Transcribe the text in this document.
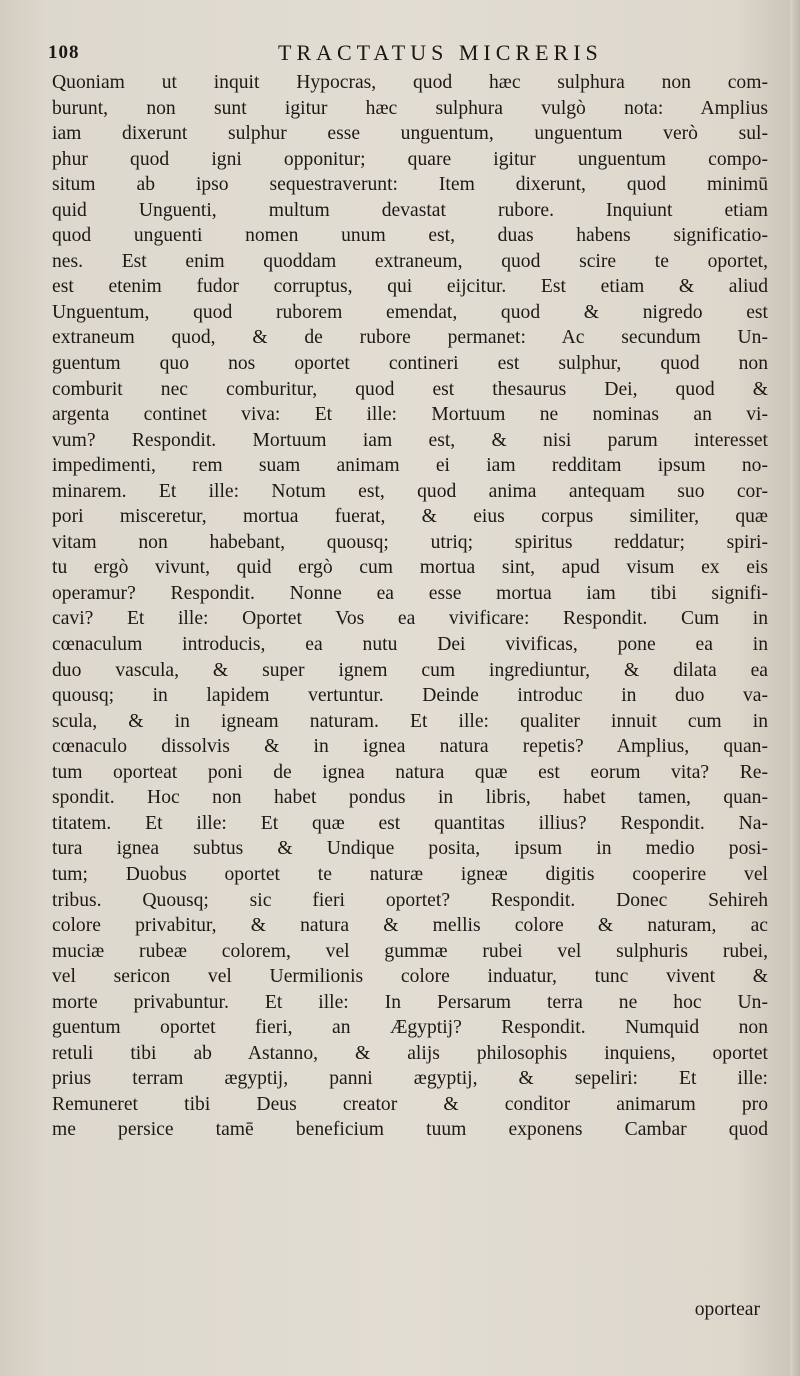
108	TRACTATUS MICRERIS
Quoniam ut inquit Hypocras, quod hæc sulphura non com-
burunt, non sunt igitur hæc sulphura vulgò nota: Amplius
iam dixerunt sulphur esse unguentum, unguentum verò sul-
phur quod igni opponitur; quare igitur unguentum compo-
situm ab ipso sequestraverunt: Item dixerunt, quod minimū
quid Unguenti, multum devastat rubore. Inquiunt etiam
quod unguenti nomen unum est, duas habens significatio-
nes. Est enim quoddam extraneum, quod scire te oportet,
est etenim fudor corruptus, qui eijcitur. Est etiam & aliud
Unguentum, quod ruborem emendat, quod & nigredo est
extraneum quod, & de rubore permanet: Ac secundum Un-
guentum quo nos oportet contineri est sulphur, quod non
comburit nec comburitur, quod est thesaurus Dei, quod &
argenta continet viva: Et ille: Mortuum ne nominas an vi-
vum? Respondit. Mortuum iam est, & nisi parum interesset
impedimenti, rem suam animam ei iam redditam ipsum no-
minarem. Et ille: Notum est, quod anima antequam suo cor-
pori misceretur, mortua fuerat, & eius corpus similiter, quæ
vitam non habebant, quousq; utriq; spiritus reddatur; spiri-
tu ergò vivunt, quid ergò cum mortua sint, apud visum ex eis
operamur? Respondit. Nonne ea esse mortua iam tibi signifi-
cavi? Et ille: Oportet Vos ea vivificare: Respondit. Cum in
cœnaculum introducis, ea nutu Dei vivificas, pone ea in
duo vascula, & super ignem cum ingrediuntur, & dilata ea
quousq; in lapidem vertuntur. Deinde introduc in duo va-
scula, & in igneam naturam. Et ille: qualiter innuit cum in
cœnaculo dissolvis & in ignea natura repetis? Amplius, quan-
tum oporteat poni de ignea natura quæ est eorum vita? Re-
spondit. Hoc non habet pondus in libris, habet tamen, quan-
titatem. Et ille: Et quæ est quantitas illius? Respondit. Na-
tura ignea subtus & Undique posita, ipsum in medio posi-
tum; Duobus oportet te naturæ igneæ digitis cooperire vel
tribus. Quousq; sic fieri oportet? Respondit. Donec Sehireh
colore privabitur, & natura & mellis colore & naturam, ac
muciæ rubeæ colorem, vel gummæ rubei vel sulphuris rubei,
vel sericon vel Uermilionis colore induatur, tunc vivent &
morte privabuntur. Et ille: In Persarum terra ne hoc Un-
guentum oportet fieri, an Ægyptij? Respondit. Numquid non
retuli tibi ab Astanno, & alijs philosophis inquiens, oportet
prius terram ægyptij, panni ægyptij, & sepeliri: Et ille:
Remuneret tibi Deus creator & conditor animarum pro
me persice tamē beneficium tuum exponens Cambar quod
oportear
